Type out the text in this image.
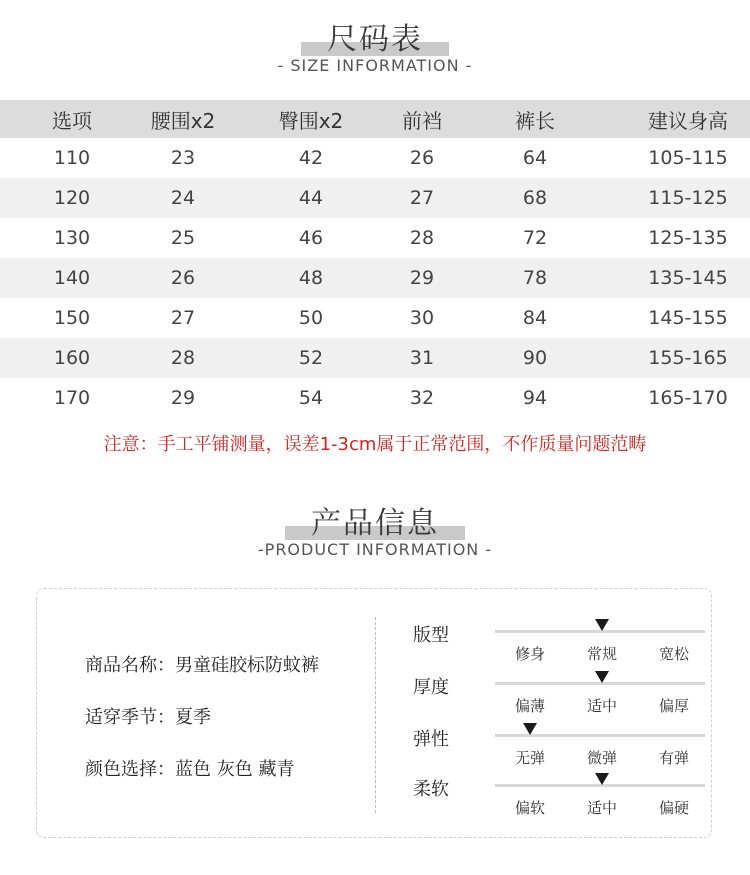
尺码表
- SIZE INFORMATION -
选项	腰围x2	臀围x2	前裆	裤长	建议身高
110	23	42	26	64	105-115
120	24	44	27	68	115-125
130	25	46	28	72	125-135
140	26	48	29	78	135-145
150	27	50	30	84	145-155
160	28	52	31	90	155-165
170	29	54	32	94	165-170
注意：手工平铺测量，误差1-3cm属于正常范围，不作质量问题范畴
产品信息
-PRODUCT INFORMATION -
商品名称：男童硅胶标防蚊裤
适穿季节：夏季
颜色选择：蓝色 灰色 藏青
版型
修身	常规	宽松
厚度
偏薄	适中	偏厚
弹性
无弹	微弹	有弹
柔软
偏软	适中	偏硬
